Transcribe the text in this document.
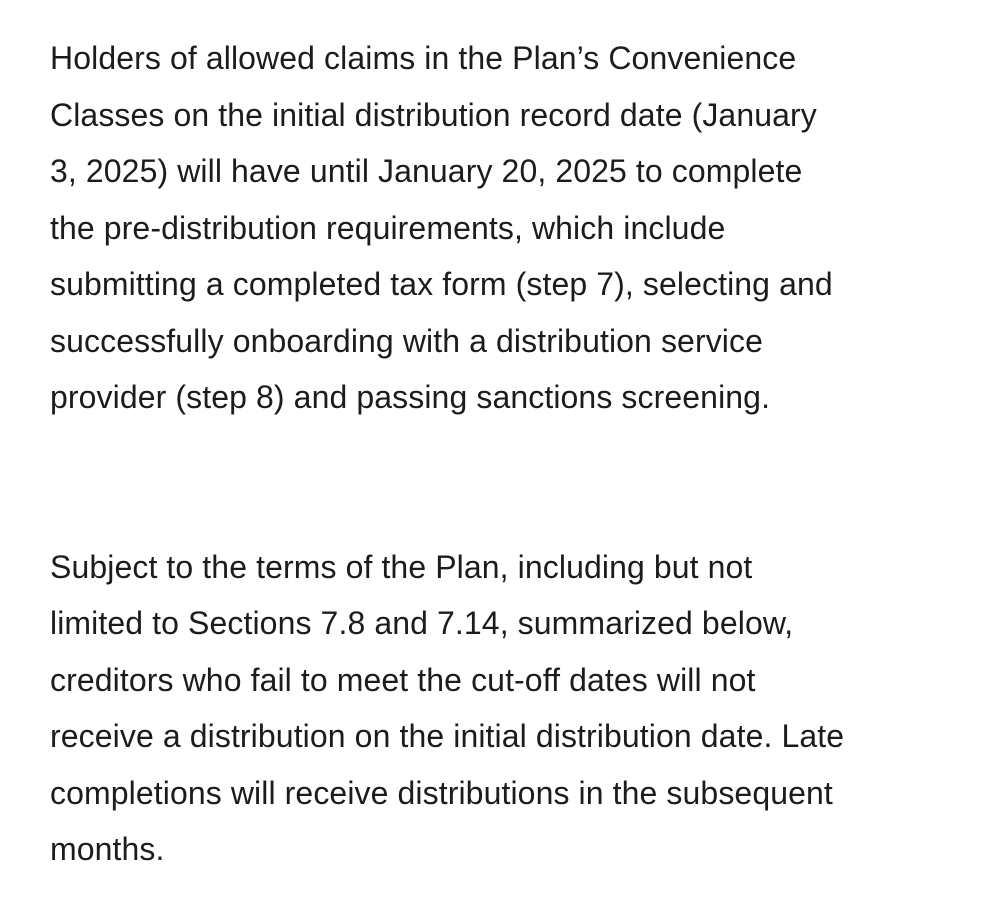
Holders of allowed claims in the Plan’s Convenience
Classes on the initial distribution record date (January
3, 2025) will have until January 20, 2025 to complete
the pre-distribution requirements, which include
submitting a completed tax form (step 7), selecting and
successfully onboarding with a distribution service
provider (step 8) and passing sanctions screening.

Subject to the terms of the Plan, including but not
limited to Sections 7.8 and 7.14, summarized below,
creditors who fail to meet the cut-off dates will not
receive a distribution on the initial distribution date. Late
completions will receive distributions in the subsequent
months.
